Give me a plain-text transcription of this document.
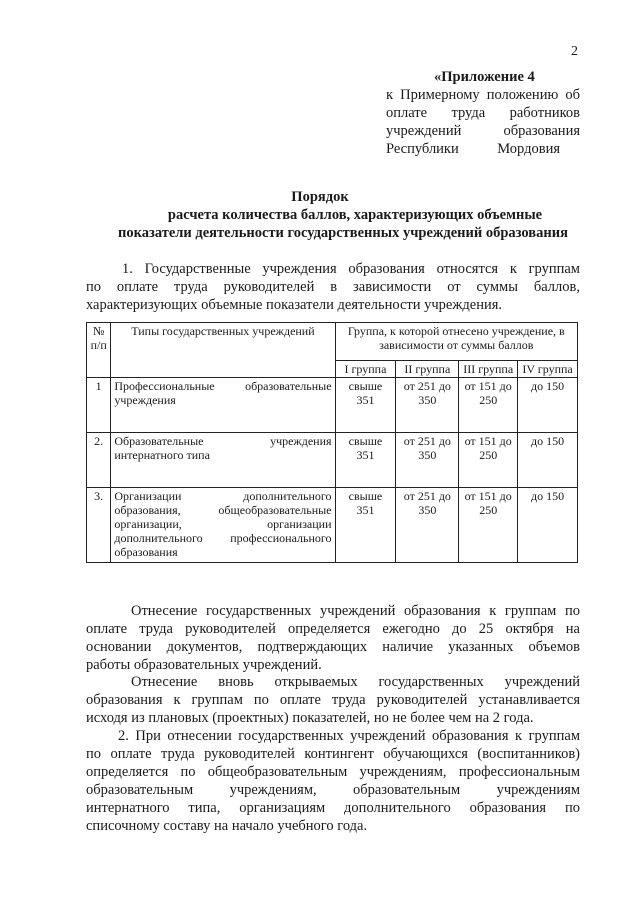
2
«Приложение 4
к Примерному положению об
оплате труда работников
учреждений образования
Республики	Мордовия
Порядок
расчета количества баллов, характеризующих объемные
показатели деятельности государственных учреждений образования
1. Государственные учреждения образования относятся к группам
по оплате труда руководителей в зависимости от суммы баллов,
характеризующих объемные показатели деятельности учреждения.
№ п/п	Типы государственных учреждений	Группа, к которой отнесено учреждение, в зависимости от суммы баллов			
		I группа	II группа	III группа	IV группа
1	Профессиональные образовательные учреждения	свыше 351	от 251 до 350	от 151 до 250	до 150
2.	Образовательные учреждения интернатного типа	свыше 351	от 251 до 350	от 151 до 250	до 150
3.	Организации дополнительного образования, общеобразовательные организации, организации дополнительного профессионального образования	свыше 351	от 251 до 350	от 151 до 250	до 150
Отнесение государственных учреждений образования к группам по
оплате труда руководителей определяется ежегодно до 25 октября на
основании документов, подтверждающих наличие указанных объемов
работы образовательных учреждений.
Отнесение вновь открываемых государственных учреждений
образования к группам по оплате труда руководителей устанавливается
исходя из плановых (проектных) показателей, но не более чем на 2 года.
2. При отнесении государственных учреждений образования к группам
по оплате труда руководителей контингент обучающихся (воспитанников)
определяется по общеобразовательным учреждениям, профессиональным
образовательным учреждениям, образовательным учреждениям
интернатного типа, организациям дополнительного образования по
списочному составу на начало учебного года.
